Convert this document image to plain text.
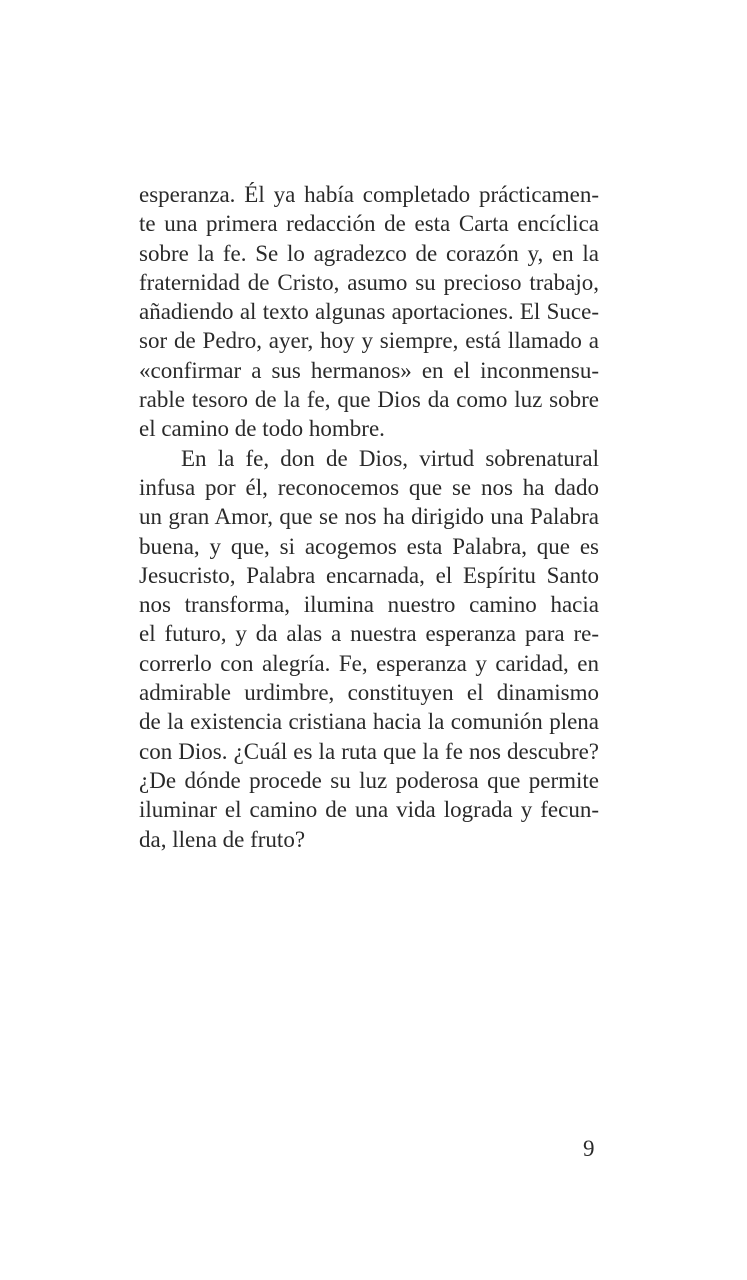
esperanza. Él ya había completado prácticamen-
te una primera redacción de esta Carta encíclica
sobre la fe. Se lo agradezco de corazón y, en la
fraternidad de Cristo, asumo su precioso trabajo,
añadiendo al texto algunas aportaciones. El Suce-
sor de Pedro, ayer, hoy y siempre, está llamado a
«confirmar a sus hermanos» en el inconmensu-
rable tesoro de la fe, que Dios da como luz sobre
el camino de todo hombre.

En la fe, don de Dios, virtud sobrenatural
infusa por él, reconocemos que se nos ha dado
un gran Amor, que se nos ha dirigido una Palabra
buena, y que, si acogemos esta Palabra, que es
Jesucristo, Palabra encarnada, el Espíritu Santo
nos transforma, ilumina nuestro camino hacia
el futuro, y da alas a nuestra esperanza para re-
correrlo con alegría. Fe, esperanza y caridad, en
admirable urdimbre, constituyen el dinamismo
de la existencia cristiana hacia la comunión plena
con Dios. ¿Cuál es la ruta que la fe nos descubre?
¿De dónde procede su luz poderosa que permite
iluminar el camino de una vida lograda y fecun-
da, llena de fruto?

9
